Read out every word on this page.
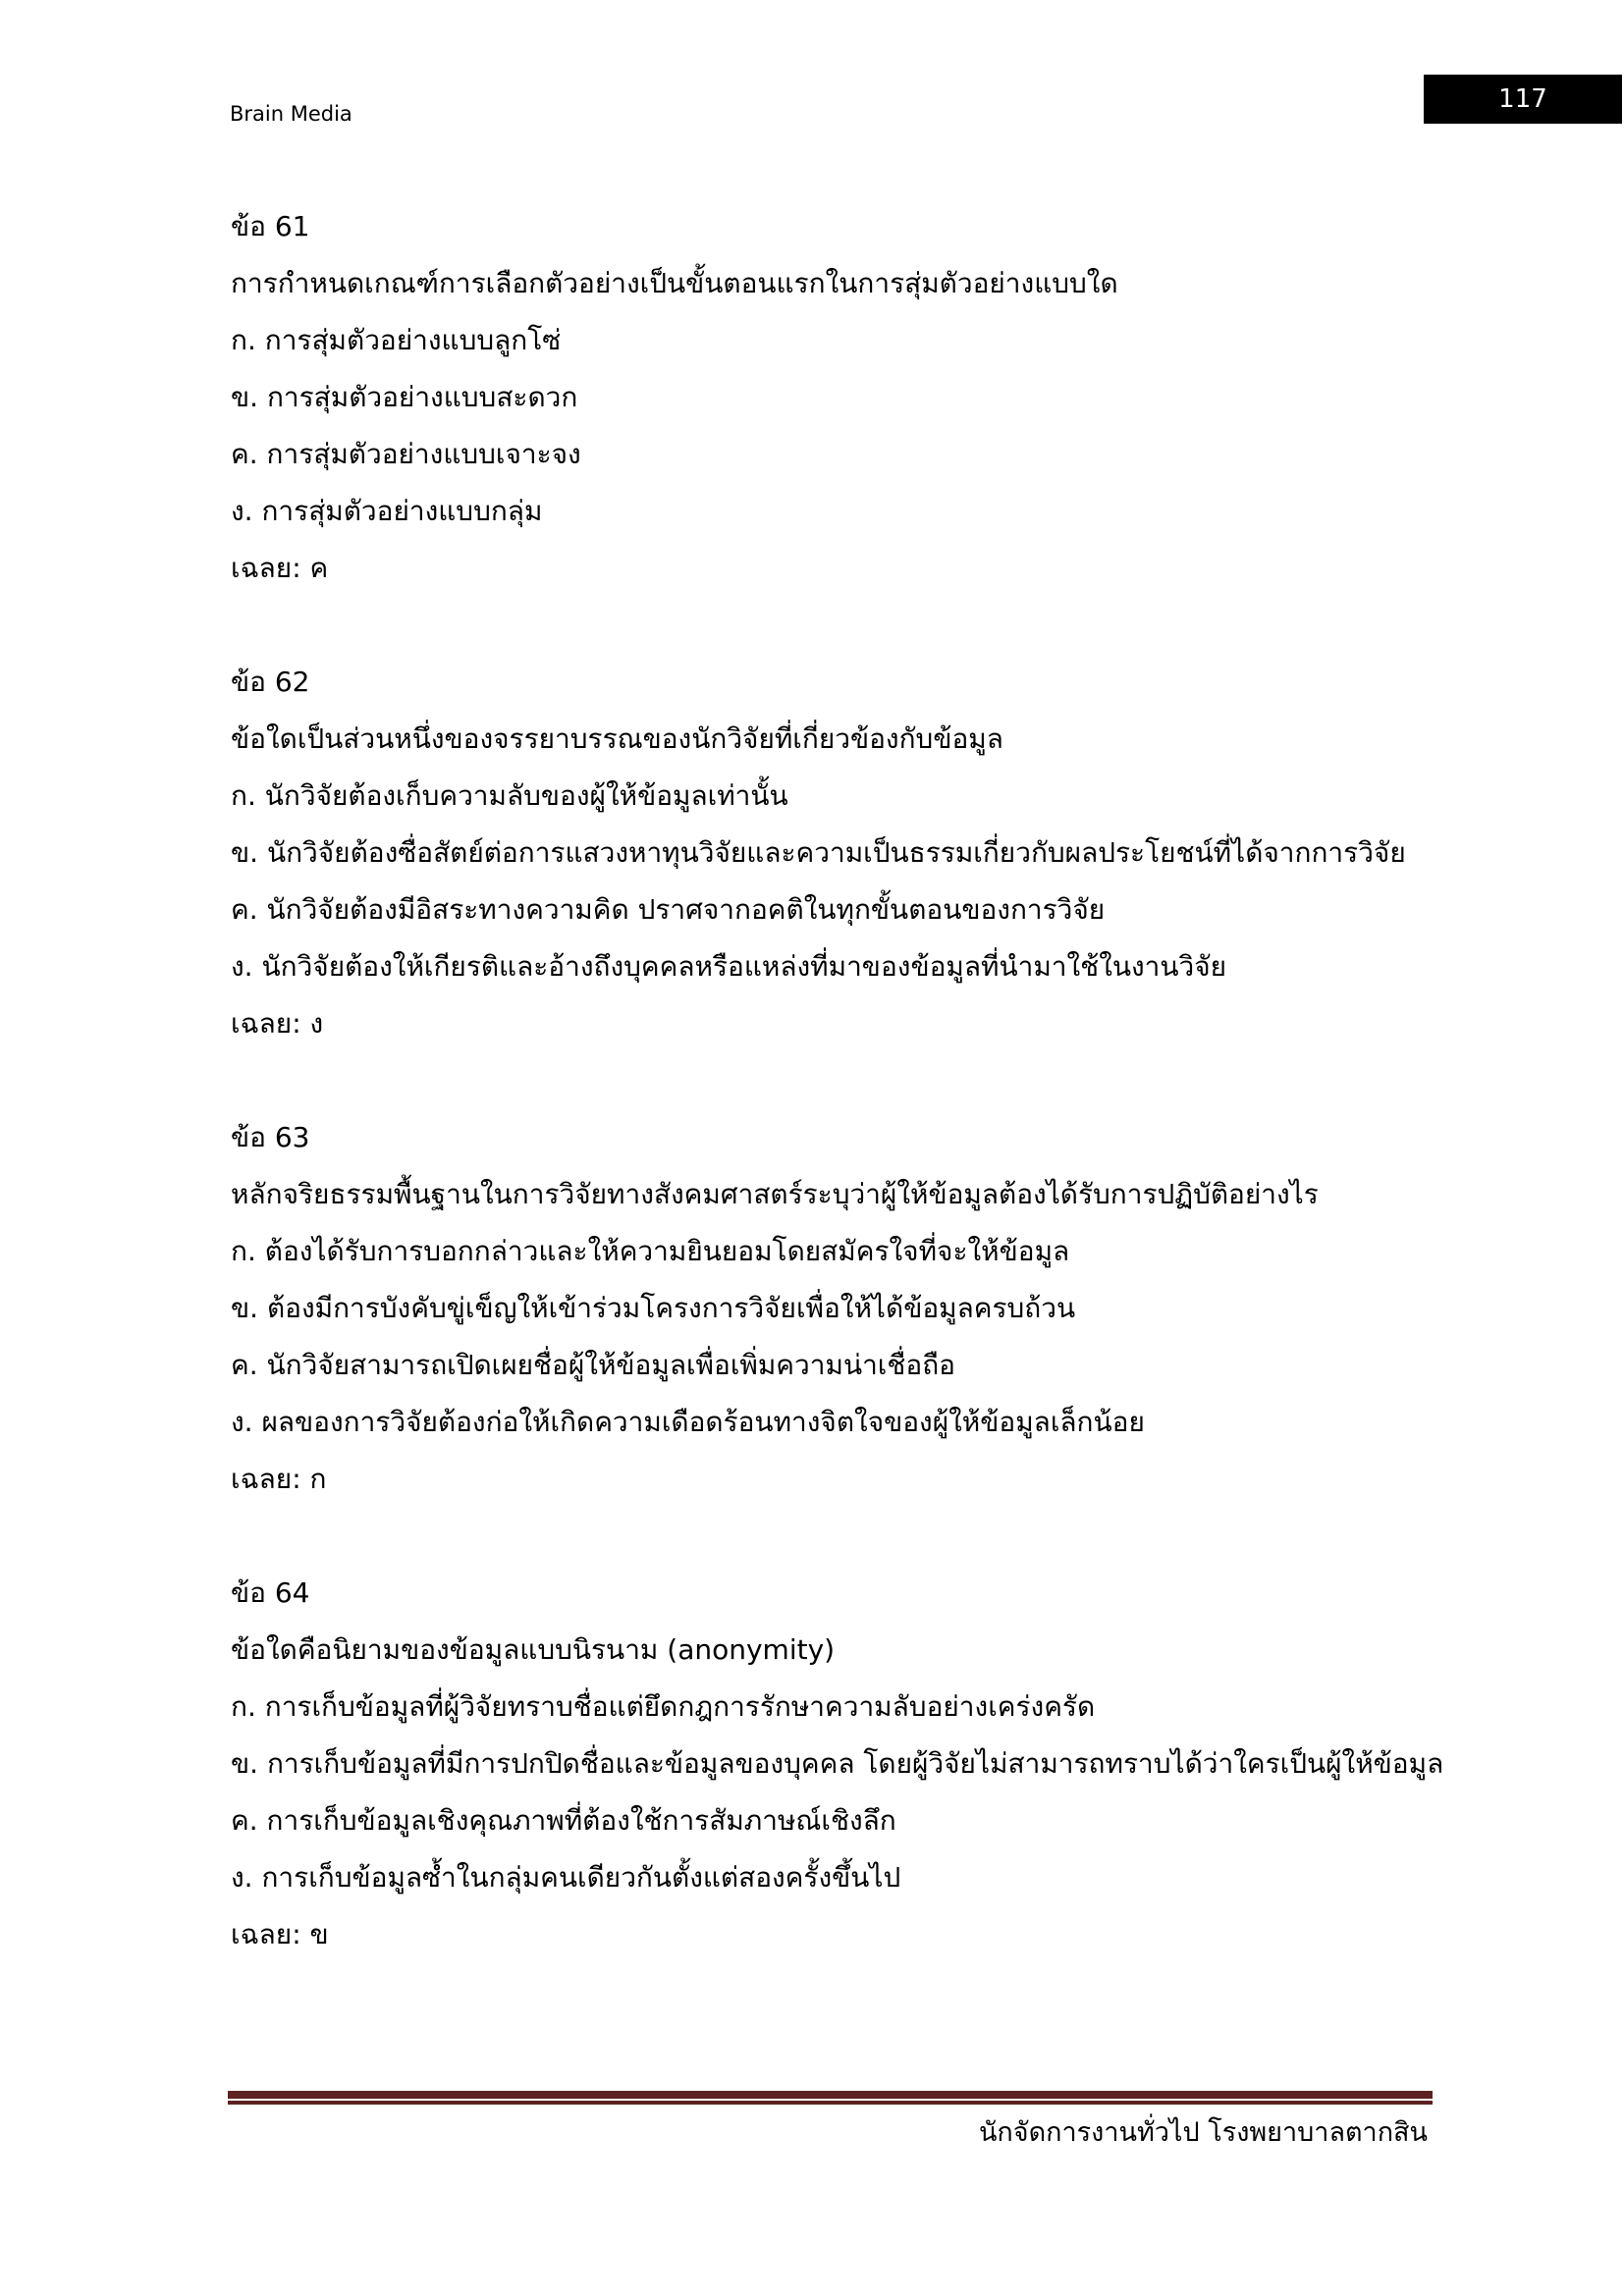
Brain Media	117
ข้อ 61
การกำหนดเกณฑ์การเลือกตัวอย่างเป็นขั้นตอนแรกในการสุ่มตัวอย่างแบบใด
ก. การสุ่มตัวอย่างแบบลูกโซ่
ข. การสุ่มตัวอย่างแบบสะดวก
ค. การสุ่มตัวอย่างแบบเจาะจง
ง. การสุ่มตัวอย่างแบบกลุ่ม
เฉลย: ค
ข้อ 62
ข้อใดเป็นส่วนหนึ่งของจรรยาบรรณของนักวิจัยที่เกี่ยวข้องกับข้อมูล
ก. นักวิจัยต้องเก็บความลับของผู้ให้ข้อมูลเท่านั้น
ข. นักวิจัยต้องซื่อสัตย์ต่อการแสวงหาทุนวิจัยและความเป็นธรรมเกี่ยวกับผลประโยชน์ที่ได้จากการวิจัย
ค. นักวิจัยต้องมีอิสระทางความคิด ปราศจากอคติในทุกขั้นตอนของการวิจัย
ง. นักวิจัยต้องให้เกียรติและอ้างถึงบุคคลหรือแหล่งที่มาของข้อมูลที่นำมาใช้ในงานวิจัย
เฉลย: ง
ข้อ 63
หลักจริยธรรมพื้นฐานในการวิจัยทางสังคมศาสตร์ระบุว่าผู้ให้ข้อมูลต้องได้รับการปฏิบัติอย่างไร
ก. ต้องได้รับการบอกกล่าวและให้ความยินยอมโดยสมัครใจที่จะให้ข้อมูล
ข. ต้องมีการบังคับขู่เข็ญให้เข้าร่วมโครงการวิจัยเพื่อให้ได้ข้อมูลครบถ้วน
ค. นักวิจัยสามารถเปิดเผยชื่อผู้ให้ข้อมูลเพื่อเพิ่มความน่าเชื่อถือ
ง. ผลของการวิจัยต้องก่อให้เกิดความเดือดร้อนทางจิตใจของผู้ให้ข้อมูลเล็กน้อย
เฉลย: ก
ข้อ 64
ข้อใดคือนิยามของข้อมูลแบบนิรนาม (anonymity)
ก. การเก็บข้อมูลที่ผู้วิจัยทราบชื่อแต่ยึดกฎการรักษาความลับอย่างเคร่งครัด
ข. การเก็บข้อมูลที่มีการปกปิดชื่อและข้อมูลของบุคคล โดยผู้วิจัยไม่สามารถทราบได้ว่าใครเป็นผู้ให้ข้อมูล
ค. การเก็บข้อมูลเชิงคุณภาพที่ต้องใช้การสัมภาษณ์เชิงลึก
ง. การเก็บข้อมูลซ้ำในกลุ่มคนเดียวกันตั้งแต่สองครั้งขึ้นไป
เฉลย: ข
นักจัดการงานทั่วไป โรงพยาบาลตากสิน
